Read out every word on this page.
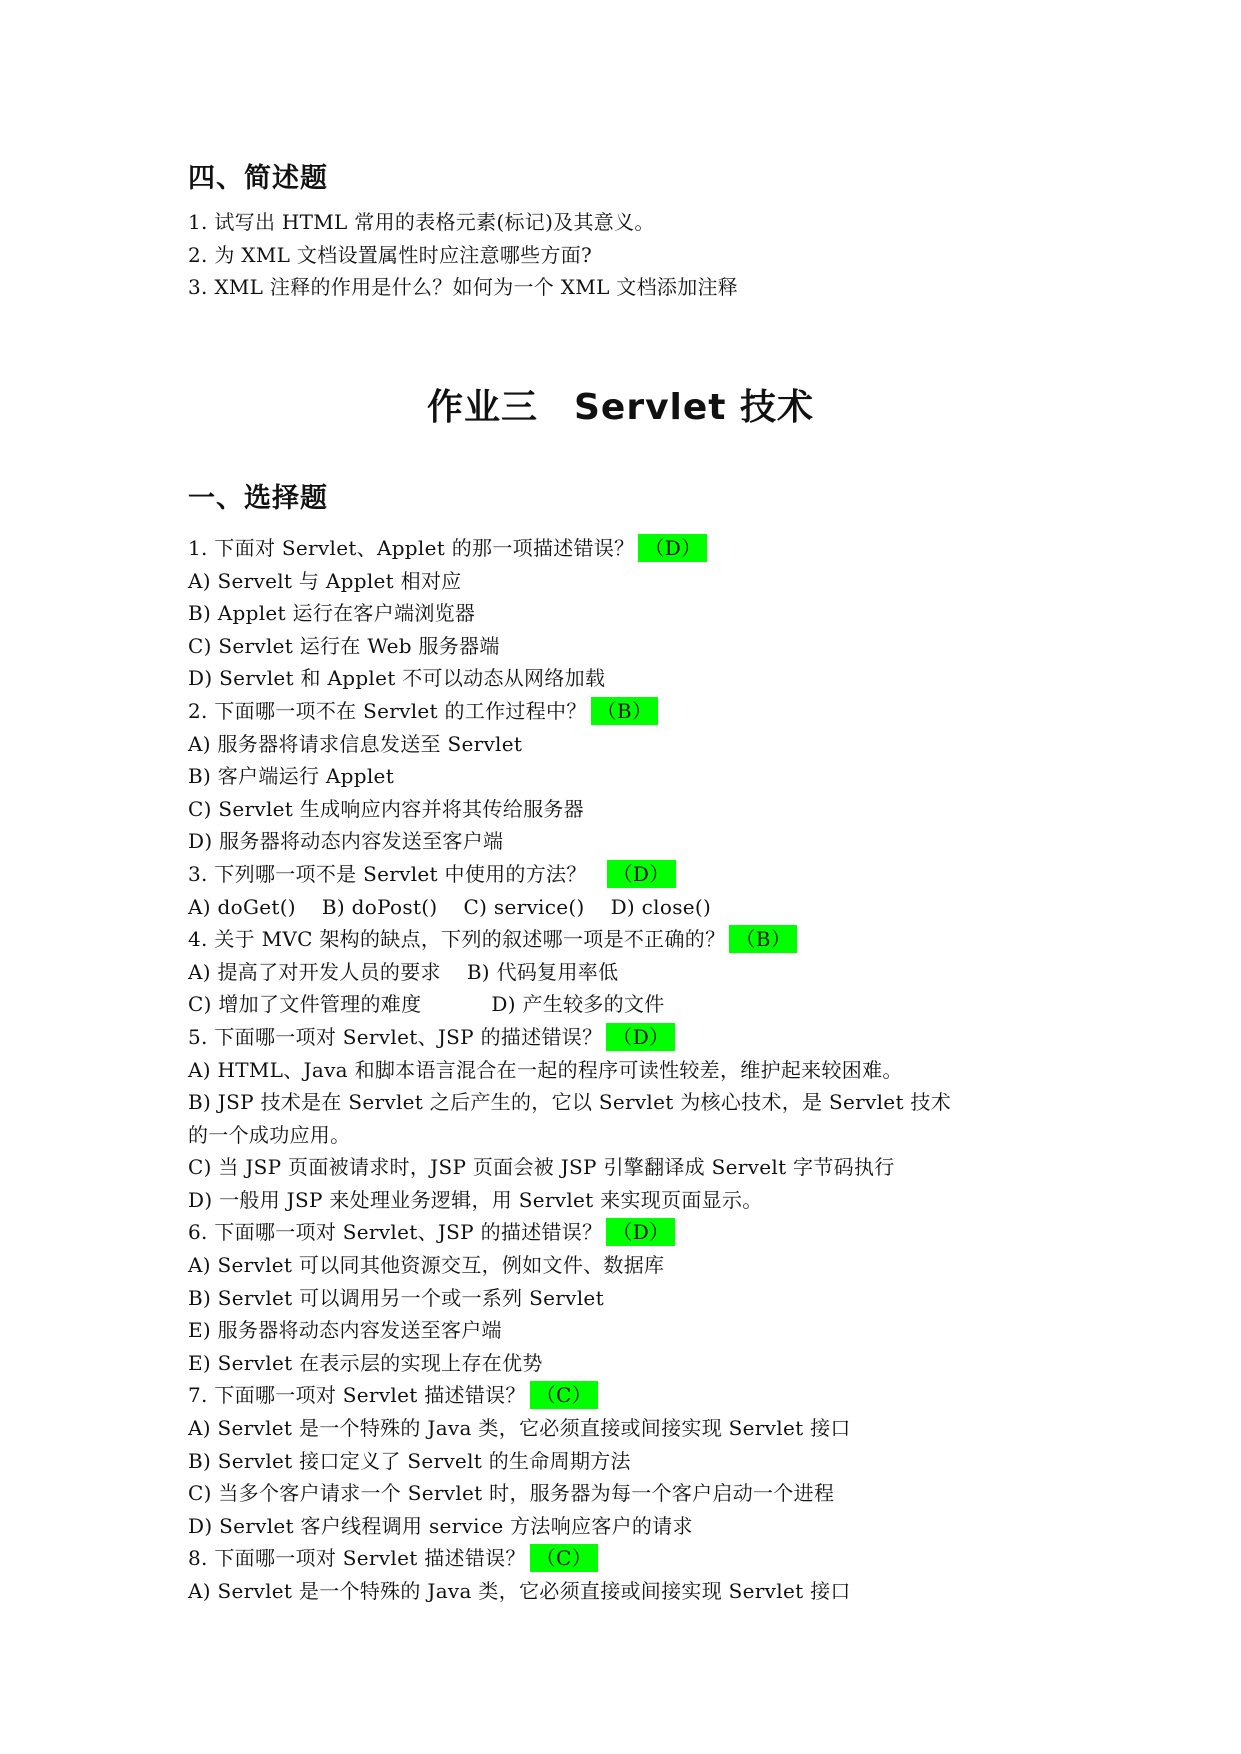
四、简述题
1. 试写出 HTML 常用的表格元素(标记)及其意义。
2. 为 XML 文档设置属性时应注意哪些方面?
3. XML 注释的作用是什么？如何为一个 XML 文档添加注释
作业三 Servlet 技术
一、选择题
1. 下面对 Servlet、Applet 的那一项描述错误？ （D）
A) Servelt 与 Applet 相对应
B) Applet 运行在客户端浏览器
C) Servlet 运行在 Web 服务器端
D) Servlet 和 Applet 不可以动态从网络加载
2. 下面哪一项不在 Servlet 的工作过程中？ （B）
A) 服务器将请求信息发送至 Servlet
B) 客户端运行 Applet
C) Servlet 生成响应内容并将其传给服务器
D) 服务器将动态内容发送至客户端
3. 下列哪一项不是 Servlet 中使用的方法？ （D）
A) doGet() B) doPost() C) service() D) close()
4. 关于 MVC 架构的缺点，下列的叙述哪一项是不正确的？ （B）
A) 提高了对开发人员的要求 B) 代码复用率低
C) 增加了文件管理的难度	D) 产生较多的文件
5. 下面哪一项对 Servlet、JSP 的描述错误？ （D）
A) HTML、Java 和脚本语言混合在一起的程序可读性较差，维护起来较困难。
B) JSP 技术是在 Servlet 之后产生的，它以 Servlet 为核心技术，是 Servlet 技术的一个成功应用。
C) 当 JSP 页面被请求时，JSP 页面会被 JSP 引擎翻译成 Servelt 字节码执行
D) 一般用 JSP 来处理业务逻辑，用 Servlet 来实现页面显示。
6. 下面哪一项对 Servlet、JSP 的描述错误？ （D）
A) Servlet 可以同其他资源交互，例如文件、数据库
B) Servlet 可以调用另一个或一系列 Servlet
E) 服务器将动态内容发送至客户端
E) Servlet 在表示层的实现上存在优势
7. 下面哪一项对 Servlet 描述错误？ （C）
A) Servlet 是一个特殊的 Java 类，它必须直接或间接实现 Servlet 接口
B) Servlet 接口定义了 Servelt 的生命周期方法
C) 当多个客户请求一个 Servlet 时，服务器为每一个客户启动一个进程
D) Servlet 客户线程调用 service 方法响应客户的请求
8. 下面哪一项对 Servlet 描述错误？ （C）
A) Servlet 是一个特殊的 Java 类，它必须直接或间接实现 Servlet 接口
